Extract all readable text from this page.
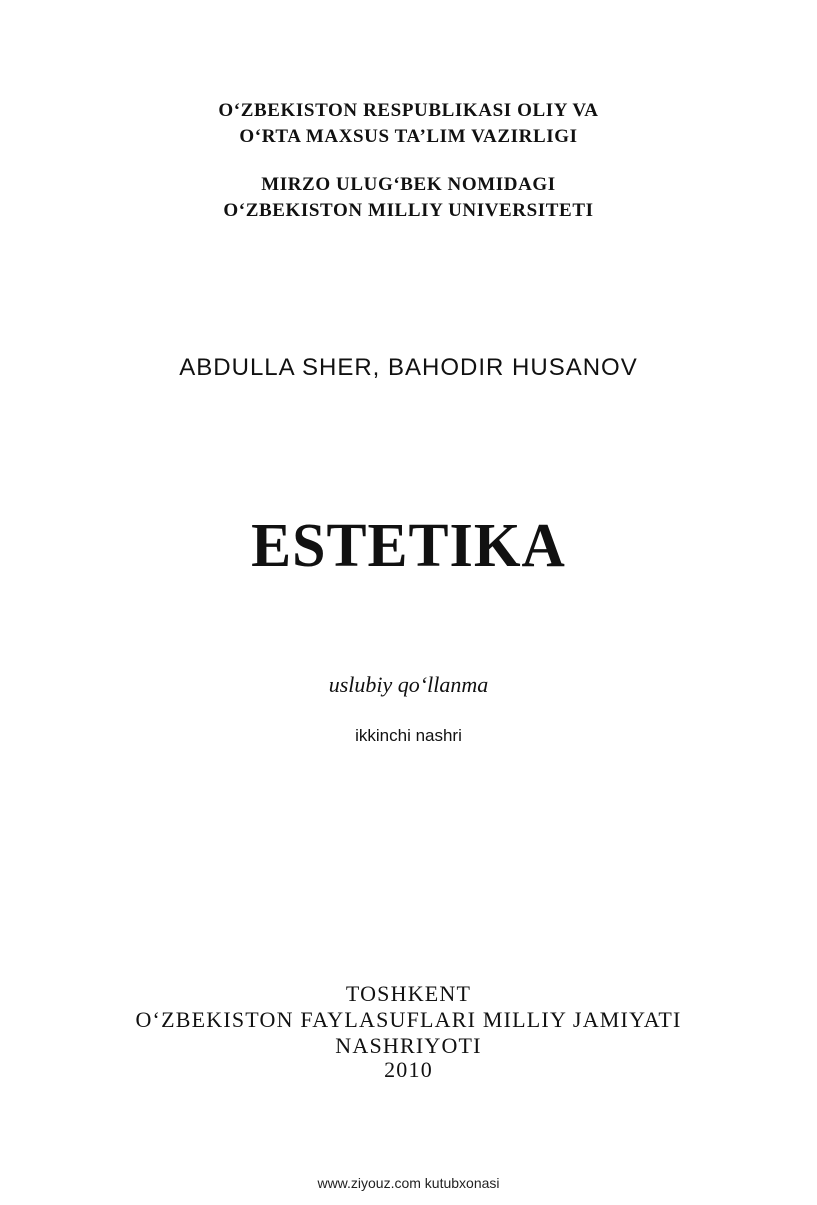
O‘ZBEKISTON RESPUBLIKASI OLIY VA
O‘RTA MAXSUS TA’LIM VAZIRLIGI
MIRZO ULUG‘BEK NOMIDAGI
O‘ZBEKISTON MILLIY UNIVERSITETI
ABDULLA SHER, BAHODIR HUSANOV
ESTETIKA
uslubiy qo‘llanma
ikkinchi nashri
TOSHKENT
O‘ZBEKISTON FAYLASUFLARI MILLIY JAMIYATI
NASHRIYOTI
2010
www.ziyouz.com kutubxonasi
